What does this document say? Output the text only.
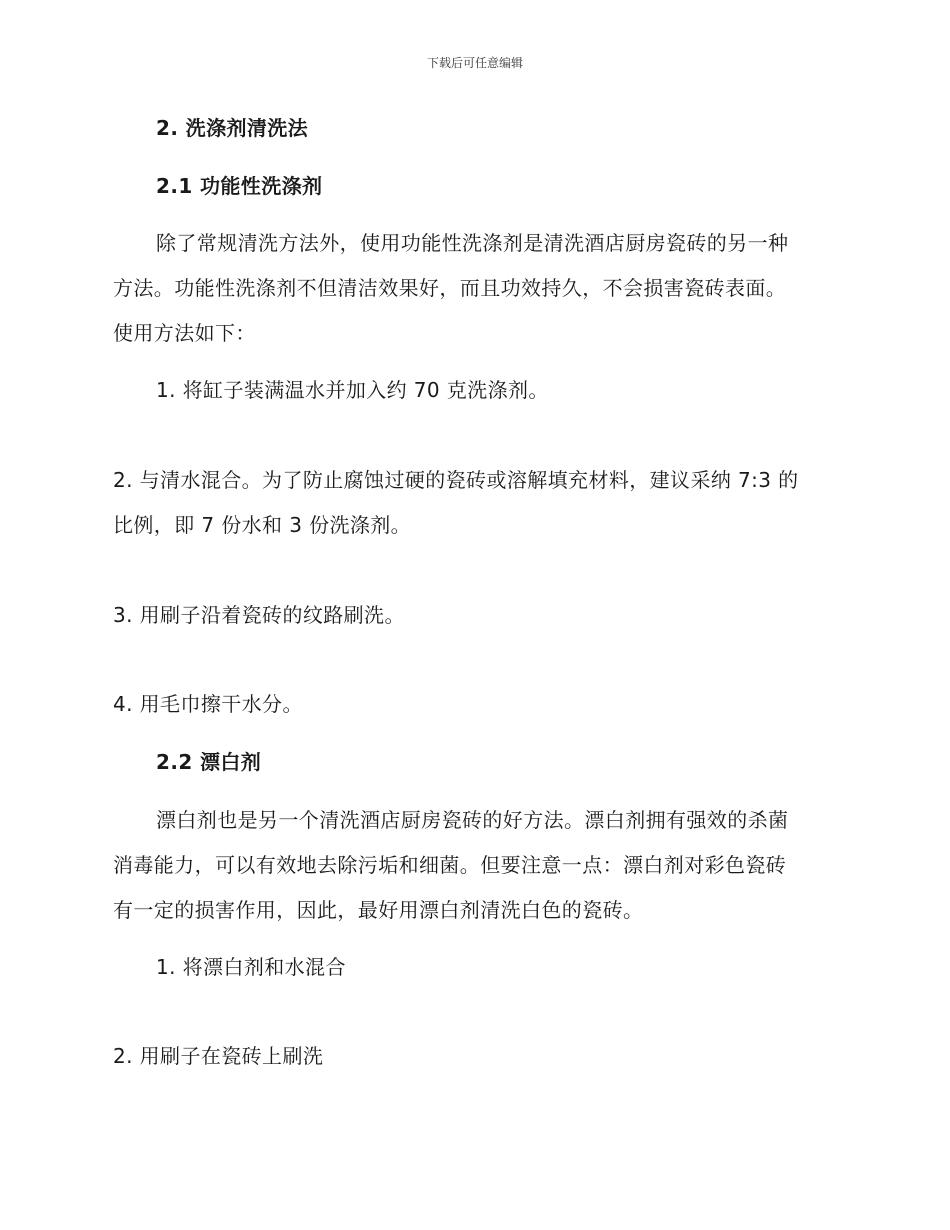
下载后可任意编辑
2. 洗涤剂清洗法
2.1 功能性洗涤剂
除了常规清洗方法外，使用功能性洗涤剂是清洗酒店厨房瓷砖的另一种
方法。功能性洗涤剂不但清洁效果好，而且功效持久，不会损害瓷砖表面。
使用方法如下：
1. 将缸子装满温水并加入约 70 克洗涤剂。
2. 与清水混合。为了防止腐蚀过硬的瓷砖或溶解填充材料，建议采纳 7:3 的
比例，即 7 份水和 3 份洗涤剂。
3. 用刷子沿着瓷砖的纹路刷洗。
4. 用毛巾擦干水分。
2.2 漂白剂
漂白剂也是另一个清洗酒店厨房瓷砖的好方法。漂白剂拥有强效的杀菌
消毒能力，可以有效地去除污垢和细菌。但要注意一点：漂白剂对彩色瓷砖
有一定的损害作用，因此，最好用漂白剂清洗白色的瓷砖。
1. 将漂白剂和水混合
2. 用刷子在瓷砖上刷洗
